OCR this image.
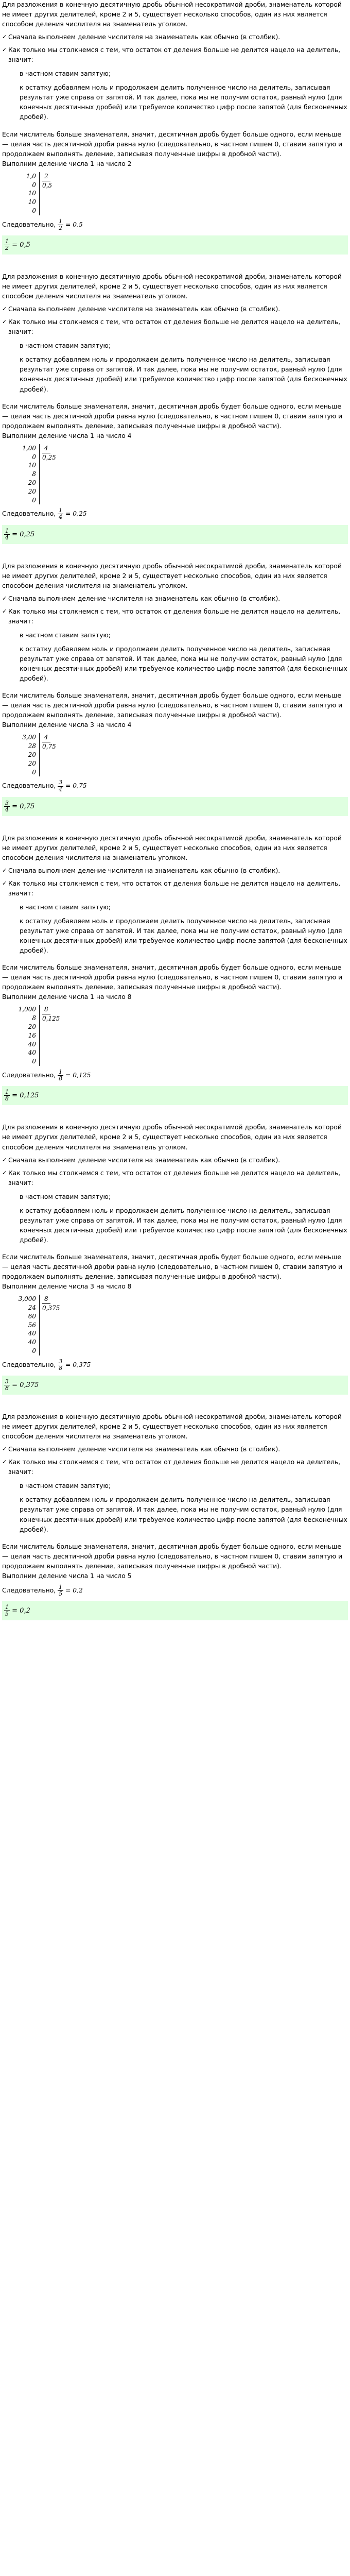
Для разложения в конечную десятичную дробь обычной несократимой дроби, знаменатель которой не имеет других делителей, кроме 2 и 5, существует несколько способов, один из них является способом деления числителя на знаменатель уголком.

✓ Сначала выполняем деление числителя на знаменатель как обычно (в столбик).
✓ Как только мы столкнемся с тем, что остаток от деления больше не делится нацело на делитель, значит:
в частном ставим запятую;
к остатку добавляем ноль и продолжаем делить полученное число на делитель, записывая результат уже справа от запятой. И так далее, пока мы не получим остаток, равный нулю (для конечных десятичных дробей) или требуемое количество цифр после запятой (для бесконечных дробей).

Если числитель больше знаменателя, значит, десятичная дробь будет больше одного, если меньше — целая часть десятичной дроби равна нулю (следовательно, в частном пишем 0, ставим запятую и продолжаем выполнять деление, записывая полученные цифры в дробной части).

Выполним деление числа 1 на число 2

1,0
0
10
10
0
2
0,5

Следовательно, $\frac{1}{2} = 0,5$

$\frac{1}{2} = 0,5$

Для разложения в конечную десятичную дробь обычной несократимой дроби, знаменатель которой не имеет других делителей, кроме 2 и 5, существует несколько способов, один из них является способом деления числителя на знаменатель уголком.

✓ Сначала выполняем деление числителя на знаменатель как обычно (в столбик).
✓ Как только мы столкнемся с тем, что остаток от деления больше не делится нацело на делитель, значит:
в частном ставим запятую;
к остатку добавляем ноль и продолжаем делить полученное число на делитель, записывая результат уже справа от запятой. И так далее, пока мы не получим остаток, равный нулю (для конечных десятичных дробей) или требуемое количество цифр после запятой (для бесконечных дробей).

Если числитель больше знаменателя, значит, десятичная дробь будет больше одного, если меньше — целая часть десятичной дроби равна нулю (следовательно, в частном пишем 0, ставим запятую и продолжаем выполнять деление, записывая полученные цифры в дробной части).

Выполним деление числа 1 на число 4

1,00
0
10
8
20
20
0
4
0,25

Следовательно, $\frac{1}{4} = 0,25$

$\frac{1}{4} = 0,25$

Для разложения в конечную десятичную дробь обычной несократимой дроби, знаменатель которой не имеет других делителей, кроме 2 и 5, существует несколько способов, один из них является способом деления числителя на знаменатель уголком.

✓ Сначала выполняем деление числителя на знаменатель как обычно (в столбик).
✓ Как только мы столкнемся с тем, что остаток от деления больше не делится нацело на делитель, значит:
в частном ставим запятую;
к остатку добавляем ноль и продолжаем делить полученное число на делитель, записывая результат уже справа от запятой. И так далее, пока мы не получим остаток, равный нулю (для конечных десятичных дробей) или требуемое количество цифр после запятой (для бесконечных дробей).

Если числитель больше знаменателя, значит, десятичная дробь будет больше одного, если меньше — целая часть десятичной дроби равна нулю (следовательно, в частном пишем 0, ставим запятую и продолжаем выполнять деление, записывая полученные цифры в дробной части).

Выполним деление числа 3 на число 4

3,00
28
20
20
0
4
0,75

Следовательно, $\frac{3}{4} = 0,75$

$\frac{3}{4} = 0,75$

Для разложения в конечную десятичную дробь обычной несократимой дроби, знаменатель которой не имеет других делителей, кроме 2 и 5, существует несколько способов, один из них является способом деления числителя на знаменатель уголком.

✓ Сначала выполняем деление числителя на знаменатель как обычно (в столбик).
✓ Как только мы столкнемся с тем, что остаток от деления больше не делится нацело на делитель, значит:
в частном ставим запятую;
к остатку добавляем ноль и продолжаем делить полученное число на делитель, записывая результат уже справа от запятой. И так далее, пока мы не получим остаток, равный нулю (для конечных десятичных дробей) или требуемое количество цифр после запятой (для бесконечных дробей).

Если числитель больше знаменателя, значит, десятичная дробь будет больше одного, если меньше — целая часть десятичной дроби равна нулю (следовательно, в частном пишем 0, ставим запятую и продолжаем выполнять деление, записывая полученные цифры в дробной части).

Выполним деление числа 1 на число 8

1,000
8
20
16
40
40
0
8
0,125

Следовательно, $\frac{1}{8} = 0,125$

$\frac{1}{8} = 0,125$

Для разложения в конечную десятичную дробь обычной несократимой дроби, знаменатель которой не имеет других делителей, кроме 2 и 5, существует несколько способов, один из них является способом деления числителя на знаменатель уголком.

✓ Сначала выполняем деление числителя на знаменатель как обычно (в столбик).
✓ Как только мы столкнемся с тем, что остаток от деления больше не делится нацело на делитель, значит:
в частном ставим запятую;
к остатку добавляем ноль и продолжаем делить полученное число на делитель, записывая результат уже справа от запятой. И так далее, пока мы не получим остаток, равный нулю (для конечных десятичных дробей) или требуемое количество цифр после запятой (для бесконечных дробей).

Если числитель больше знаменателя, значит, десятичная дробь будет больше одного, если меньше — целая часть десятичной дроби равна нулю (следовательно, в частном пишем 0, ставим запятую и продолжаем выполнять деление, записывая полученные цифры в дробной части).

Выполним деление числа 3 на число 8

3,000
24
60
56
40
40
0
8
0,375

Следовательно, $\frac{3}{8} = 0,375$

$\frac{3}{8} = 0,375$

Для разложения в конечную десятичную дробь обычной несократимой дроби, знаменатель которой не имеет других делителей, кроме 2 и 5, существует несколько способов, один из них является способом деления числителя на знаменатель уголком.

✓ Сначала выполняем деление числителя на знаменатель как обычно (в столбик).
✓ Как только мы столкнемся с тем, что остаток от деления больше не делится нацело на делитель, значит:
в частном ставим запятую;
к остатку добавляем ноль и продолжаем делить полученное число на делитель, записывая результат уже справа от запятой. И так далее, пока мы не получим остаток, равный нулю (для конечных десятичных дробей) или требуемое количество цифр после запятой (для бесконечных дробей).

Если числитель больше знаменателя, значит, десятичная дробь будет больше одного, если меньше — целая часть десятичной дроби равна нулю (следовательно, в частном пишем 0, ставим запятую и продолжаем выполнять деление, записывая полученные цифры в дробной части).

Выполним деление числа 1 на число 5

Следовательно, $\frac{1}{5} = 0,2$

$\frac{1}{5} = 0,2$
